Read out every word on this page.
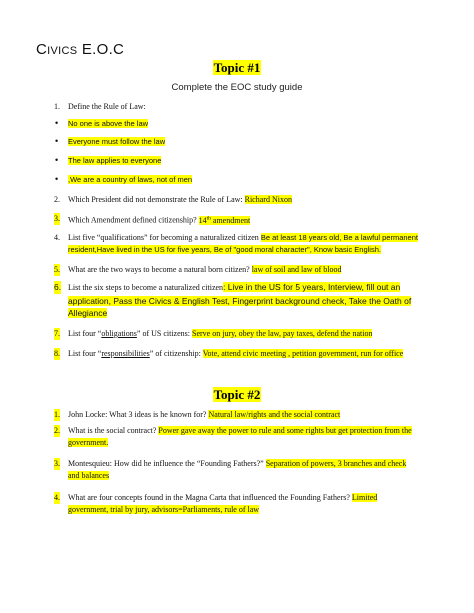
CIVICS E.O.C
Topic #1
Complete the EOC study guide
1. Define the Rule of Law:
• No one is above the law
• Everyone must follow the law
• The law applies to everyone
• ,We are a country of laws, not of men
2. Which President did not demonstrate the Rule of Law: Richard Nixon
3. Which Amendment defined citizenship? 14th amendment
4. List five “qualifications” for becoming a naturalized citizen Be at least 18 years old, Be a lawful permanent
resident,Have lived in the US for five years, Be of "good moral character", Know basic English.
5. What are the two ways to become a natural born citizen? law of soil and law of blood
6. List the six steps to become a naturalized citizen: Live in the US for 5 years, Interview, fill out an
application, Pass the Civics & English Test, Fingerprint background check, Take the Oath of
Allegiance
7. List four “obligations” of US citizens: Serve on jury, obey the law, pay taxes, defend the nation
8. List four “responsibilities” of citizenship: Vote, attend civic meeting , petition government, run for office
Topic #2
1. John Locke: What 3 ideas is he known for? Natural law/rights and the social contract
2. What is the social contract? Power gave away the power to rule and some rights but get protection from the
government.
3. Montesquieu: How did he influence the “Founding Fathers?” Separation of powers, 3 branches and check
and balances
4. What are four concepts found in the Magna Carta that influenced the Founding Fathers? Limited
government, trial by jury, advisors=Parliaments, rule of law
